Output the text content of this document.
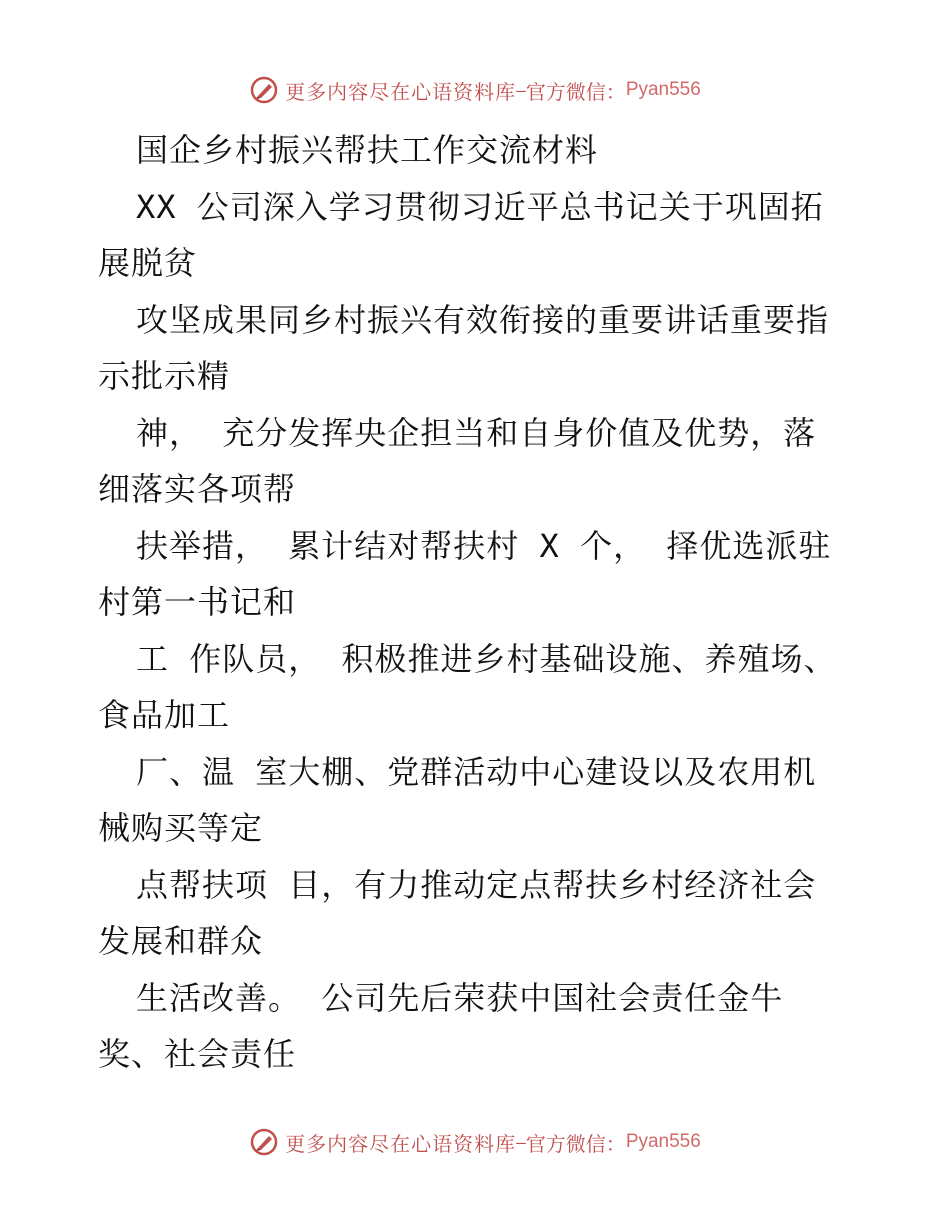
更多内容尽在心语资料库 — 官方微信： Pyan556
国企乡村振兴帮扶工作交流材料
XX 公司深入学习贯彻习近平总书记关于巩固拓
展脱贫
攻坚成果同乡村振兴有效衔接的重要讲话重要指
示批示精
神， 充分发挥央企担当和自身价值及优势，落
细落实各项帮
扶举措， 累计结对帮扶村 X 个， 择优选派驻
村第一书记和
工 作队员， 积极推进乡村基础设施、养殖场、
食品加工
厂、温 室大棚、党群活动中心建设以及农用机
械购买等定
点帮扶项 目，有力推动定点帮扶乡村经济社会
发展和群众
生活改善。 公司先后荣获中国社会责任金牛
奖、社会责任
更多内容尽在心语资料库 — 官方微信： Pyan556
